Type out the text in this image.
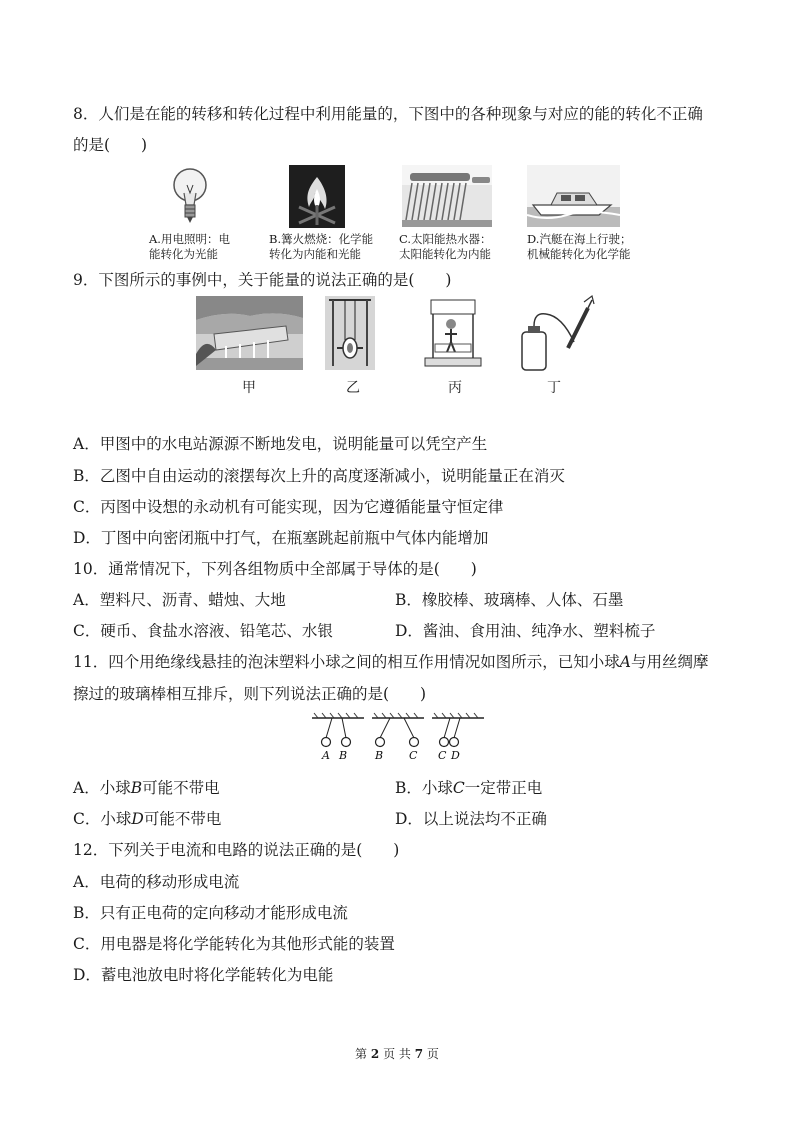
8．人们是在能的转移和转化过程中利用能量的，下图中的各种现象与对应的能的转化不正确
的是(　　)
A.用电照明：电
能转化为光能
B.篝火燃烧：化学能
转化为内能和光能
C.太阳能热水器：
太阳能转化为内能
D.汽艇在海上行驶；
机械能转化为化学能
9．下图所示的事例中，关于能量的说法正确的是(　　)
甲	乙	丙	丁
A．甲图中的水电站源源不断地发电，说明能量可以凭空产生
B．乙图中自由运动的滚摆每次上升的高度逐渐减小，说明能量正在消灭
C．丙图中设想的永动机有可能实现，因为它遵循能量守恒定律
D．丁图中向密闭瓶中打气，在瓶塞跳起前瓶中气体内能增加
10．通常情况下，下列各组物质中全部属于导体的是(　　)
A．塑料尺、沥青、蜡烛、大地	B．橡胶棒、玻璃棒、人体、石墨
C．硬币、食盐水溶液、铅笔芯、水银	D．酱油、食用油、纯净水、塑料梳子
11．四个用绝缘线悬挂的泡沫塑料小球之间的相互作用情况如图所示，已知小球A与用丝绸摩
擦过的玻璃棒相互排斥，则下列说法正确的是(　　)
A B	B C C D
A．小球B可能不带电	B．小球C一定带正电
C．小球D可能不带电	D．以上说法均不正确
12．下列关于电流和电路的说法正确的是(　　)
A．电荷的移动形成电流
B．只有正电荷的定向移动才能形成电流
C．用电器是将化学能转化为其他形式能的装置
D．蓄电池放电时将化学能转化为电能
第 2 页 共 7 页
